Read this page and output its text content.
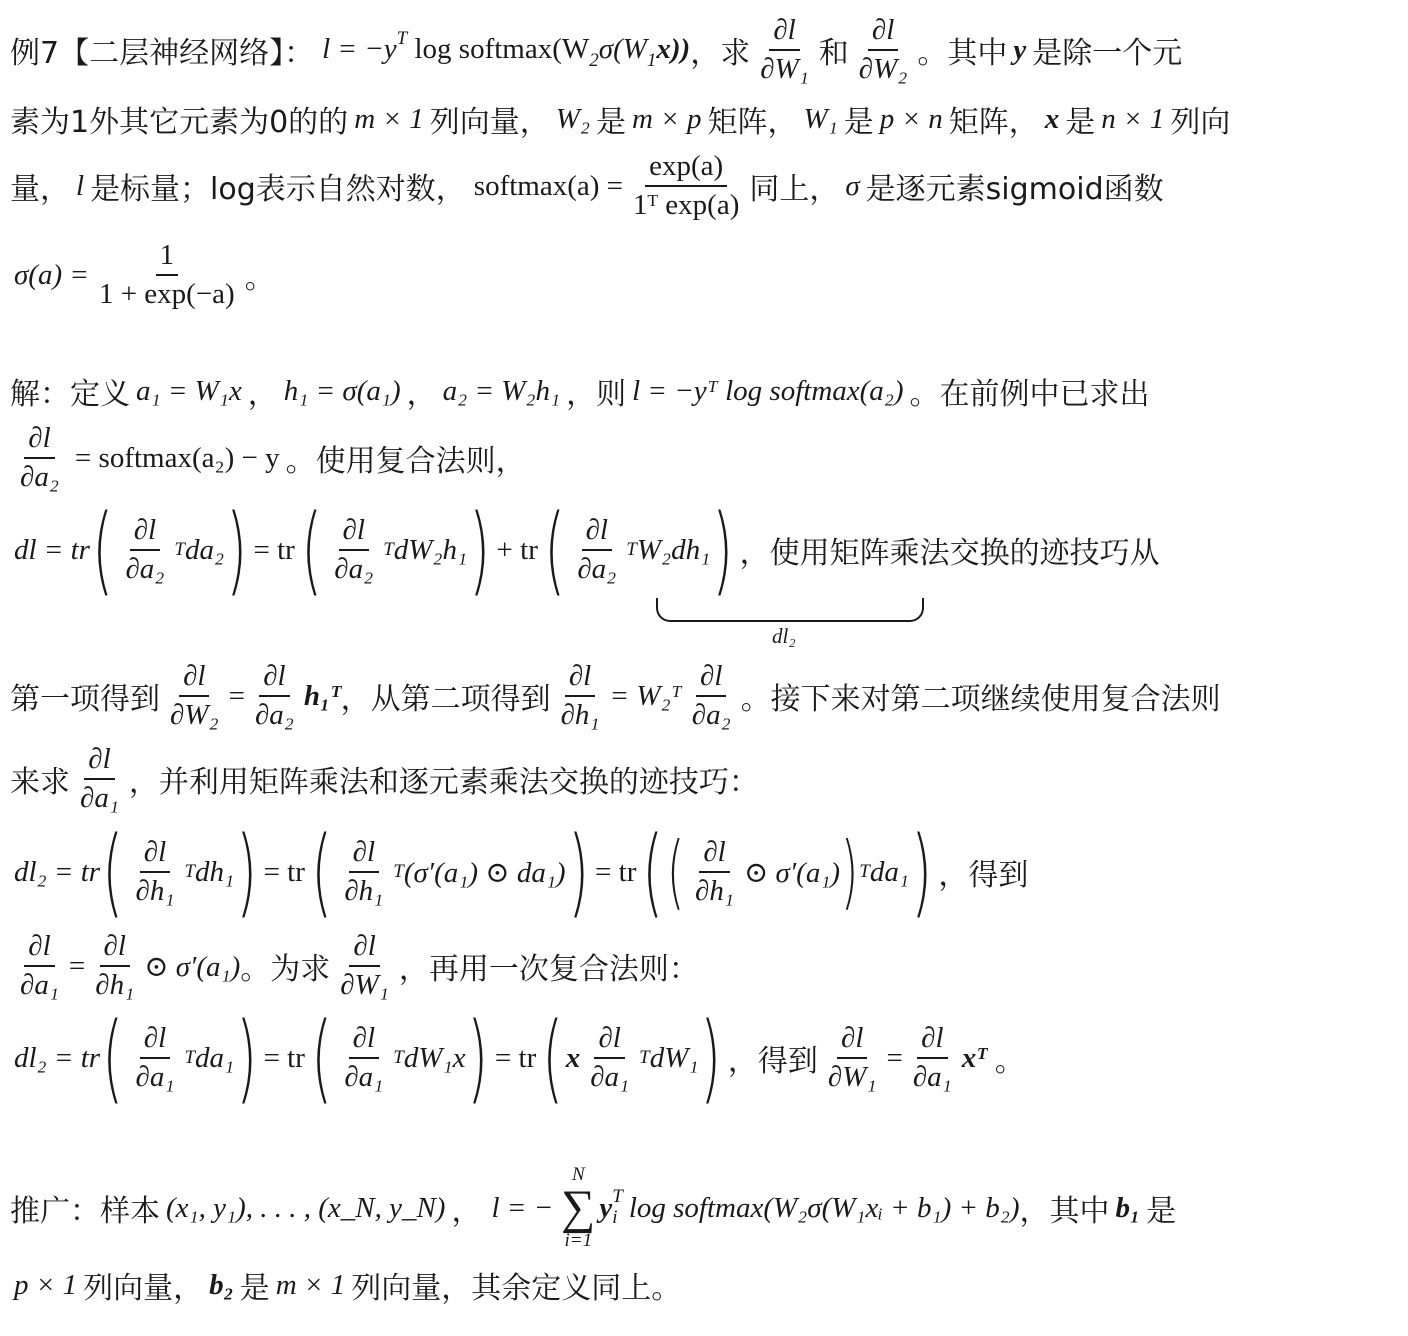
例7【二层神经网络】： $l = -y^T$ $\log softmax(W_2\sigma(W_1x))$ ，求 $\frac{\partial l}{\text{∂W₁}}$ 和 $\frac{\partial l}{\text{∂W₂}}$ 。其中 y 是除一个元
素为1外其它元素为0的的 m × 1 列向量， W₂ 是 m × p 矩阵， W₁ 是 p × n 矩阵， x 是 n × 1 列向
量， l 是标量；log表示自然对数， softmax(a) = $\frac{\exp(a)}{\text{1ᵀ exp(a)}}$ 同上， σ 是逐元素sigmoid函数
$\sigma(a) = \frac{1}{1 + \exp(-a)}$ 。
解：定义 a₁ = W₁x ， h₁ = σ(a₁) ， a₂ = W₂h₁ ，则 l = −yᵀ log softmax(a₂) 。在前例中已求出
$\frac{\partial l}{\text{∂a₂}}$ = softmax(a₂) − y 。使用复合法则，
dl = tr ( $\frac{\partial l}{\text{∂a₂}}$ T da₂ ) = tr ( $\frac{\partial l}{\text{∂a₂}}$ T dW₂h₁ ) + tr ( $\frac{\partial l}{\text{∂a₂}}$ T W₂dh₁ ) ，使用矩阵乘法交换的迹技巧从
dl₂
第一项得到 $\frac{\partial l}{\text{∂W₂}} = \frac{\partial l}{\text{∂a₂}}$ h₁ᵀ ，从第二项得到 $\frac{\partial l}{\text{∂h₁}}$ = W₂ᵀ $\frac{\partial l}{\text{∂a₂}}$ 。接下来对第二项继续使用复合法则
来求 $\frac{\partial l}{\text{∂a₁}}$ ，并利用矩阵乘法和逐元素乘法交换的迹技巧：
dl₂ = tr ( $\frac{\partial l}{\text{∂h₁}}$ T dh₁ ) = tr ( $\frac{\partial l}{\text{∂h₁}}$ T (σ′(a₁) ⊙ da₁) ) = tr ( ( $\frac{\partial l}{\text{∂h₁}}$ ⊙ σ′(a₁) ) T da₁ ) ，得到
$\frac{\partial l}{\text{∂a₁}} = \frac{\partial l}{\text{∂h₁}}$ ⊙ σ′(a₁) 。为求 $\frac{\partial l}{\text{∂W₁}}$ ，再用一次复合法则：
dl₂ = tr ( $\frac{\partial l}{\text{∂a₁}}$ T da₁ ) = tr ( $\frac{\partial l}{\text{∂a₁}}$ T dW₁x ) = tr ( x $\frac{\partial l}{\text{∂a₁}}$ T dW₁ ) ，得到 $\frac{\partial l}{\text{∂W₁}} = \frac{\partial l}{\text{∂a₁}}$ xᵀ 。
推广：样本 (x₁, y₁), . . . , (x_N, y_N) ， l = −
N
∑
i=1
y T
i log softmax(W₂σ(W₁xᵢ + b₁) + b₂) ，其中 b₁ 是
p × 1 列向量， b₂ 是 m × 1 列向量，其余定义同上。
